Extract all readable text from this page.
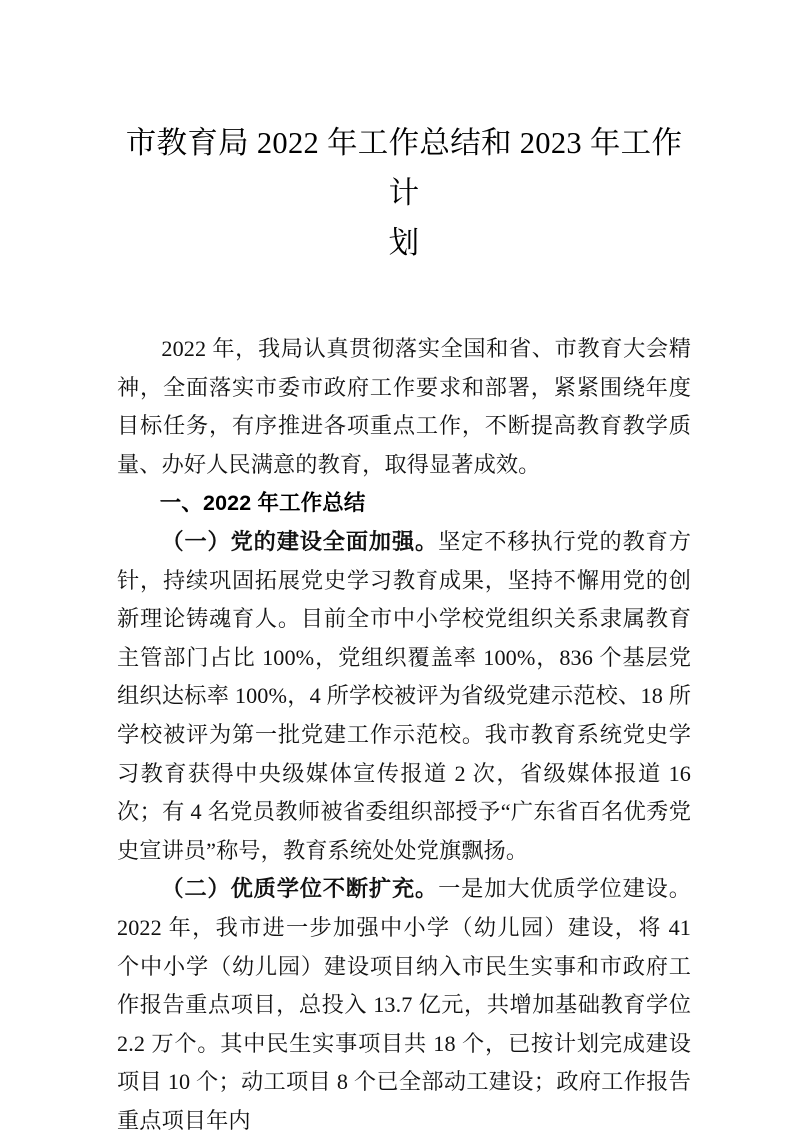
市教育局 2022 年工作总结和 2023 年工作计
划

2022 年，我局认真贯彻落实全国和省、市教育大会精神，全面落实市委市政府工作要求和部署，紧紧围绕年度目标任务，有序推进各项重点工作，不断提高教育教学质量、办好人民满意的教育，取得显著成效。

一、2022 年工作总结

（一）党的建设全面加强。坚定不移执行党的教育方针，持续巩固拓展党史学习教育成果，坚持不懈用党的创新理论铸魂育人。目前全市中小学校党组织关系隶属教育主管部门占比 100%，党组织覆盖率 100%，836 个基层党组织达标率 100%，4 所学校被评为省级党建示范校、18 所学校被评为第一批党建工作示范校。我市教育系统党史学习教育获得中央级媒体宣传报道 2 次，省级媒体报道 16 次；有 4 名党员教师被省委组织部授予“广东省百名优秀党史宣讲员”称号，教育系统处处党旗飘扬。

（二）优质学位不断扩充。一是加大优质学位建设。2022 年，我市进一步加强中小学（幼儿园）建设，将 41 个中小学（幼儿园）建设项目纳入市民生实事和市政府工作报告重点项目，总投入 13.7 亿元，共增加基础教育学位 2.2 万个。其中民生实事项目共 18 个，已按计划完成建设项目 10 个；动工项目 8 个已全部动工建设；政府工作报告重点项目年内
